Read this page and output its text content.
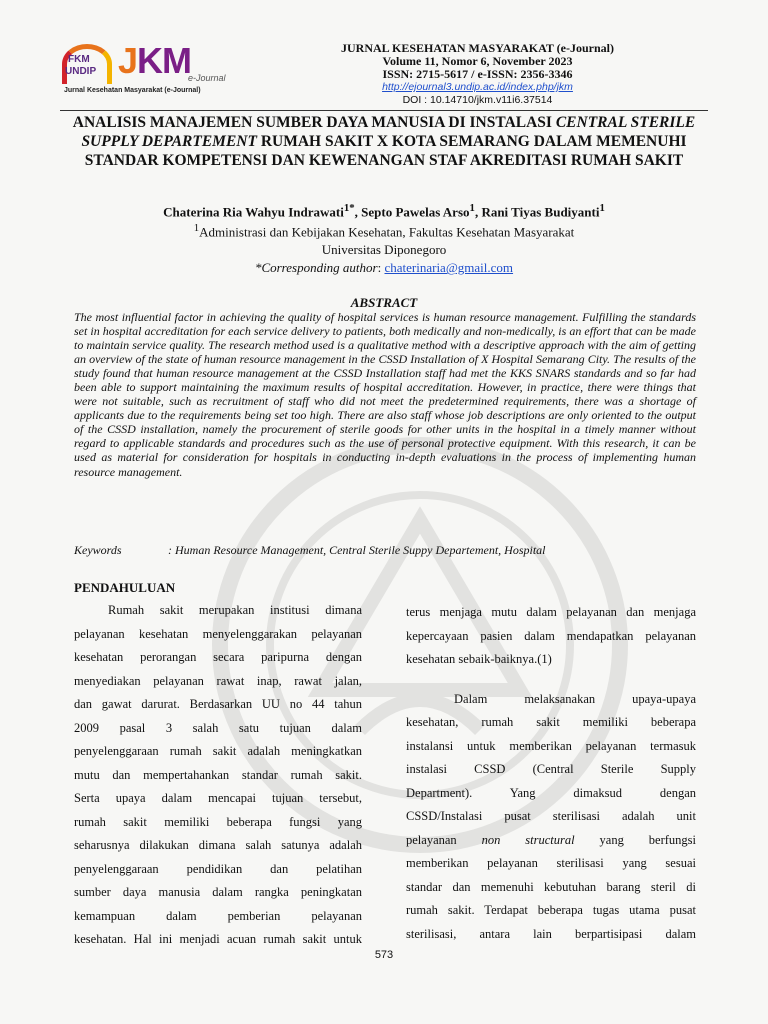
FKM
UNDIP JKM
e-Journal
Jurnal Kesehatan Masyarakat (e-Journal)
JURNAL KESEHATAN MASYARAKAT (e-Journal)
Volume 11, Nomor 6, November 2023
ISSN: 2715-5617 / e-ISSN: 2356-3346
http://ejournal3.undip.ac.id/index.php/jkm
DOI : 10.14710/jkm.v11i6.37514
ANALISIS MANAJEMEN SUMBER DAYA MANUSIA DI INSTALASI CENTRAL STERILE SUPPLY DEPARTEMENT RUMAH SAKIT X KOTA SEMARANG DALAM MEMENUHI STANDAR KOMPETENSI DAN KEWENANGAN STAF AKREDITASI RUMAH SAKIT
Chaterina Ria Wahyu Indrawati$^{1*}$, Septo Pawelas Arso$^1$, Rani Tiyas Budiyanti$^1$
$^1$Administrasi dan Kebijakan Kesehatan, Fakultas Kesehatan Masyarakat
Universitas Diponegoro
*Corresponding author: chaterinaria@gmail.com
ABSTRACT
The most influential factor in achieving the quality of hospital services is human resource management. Fulfilling the standards set in hospital accreditation for each service delivery to patients, both medically and non-medically, is an effort that can be made to maintain service quality. The research method used is a qualitative method with a descriptive approach with the aim of getting an overview of the state of human resource management in the CSSD Installation of X Hospital Semarang City. The results of the study found that human resource management at the CSSD Installation staff had met the KKS SNARS standards and so far had been able to support maintaining the maximum results of hospital accreditation. However, in practice, there were things that were not suitable, such as recruitment of staff who did not meet the predetermined requirements, there was a shortage of applicants due to the requirements being set too high. There are also staff whose job descriptions are only oriented to the output of the CSSD installation, namely the procurement of sterile goods for other units in the hospital in a timely manner without regard to applicable standards and procedures such as the use of personal protective equipment. With this research, it can be used as material for consideration for hospitals in conducting in-depth evaluations in the process of implementing human resource management.
Keywords	: Human Resource Management, Central Sterile Suppy Departement, Hospital
PENDAHULUAN
Rumah sakit merupakan institusi dimana
pelayanan kesehatan menyelenggarakan pelayanan
kesehatan perorangan secara paripurna dengan
menyediakan pelayanan rawat inap, rawat jalan,
dan gawat darurat. Berdasarkan UU no 44 tahun
2009 pasal 3 salah satu tujuan dalam
penyelenggaraan rumah sakit adalah meningkatkan
mutu dan mempertahankan standar rumah sakit.
Serta upaya dalam mencapai tujuan tersebut,
rumah sakit memiliki beberapa fungsi yang
seharusnya dilakukan dimana salah satunya adalah
penyelenggaraan pendidikan dan pelatihan
sumber daya manusia dalam rangka peningkatan
kemampuan dalam pemberian pelayanan
kesehatan. Hal ini menjadi acuan rumah sakit untuk
terus menjaga mutu dalam pelayanan dan menjaga
kepercayaan pasien dalam mendapatkan pelayanan
kesehatan sebaik-baiknya.(1)
Dalam melaksanakan upaya-upaya
kesehatan, rumah sakit memiliki beberapa
instalansi untuk memberikan pelayanan termasuk
instalasi CSSD (Central Sterile Supply
Department). Yang dimaksud dengan
CSSD/Instalasi pusat sterilisasi adalah unit
pelayanan non structural yang berfungsi
memberikan pelayanan sterilisasi yang sesuai
standar dan memenuhi kebutuhan barang steril di
rumah sakit. Terdapat beberapa tugas utama pusat
sterilisasi, antara lain berpartisipasi dalam
573
